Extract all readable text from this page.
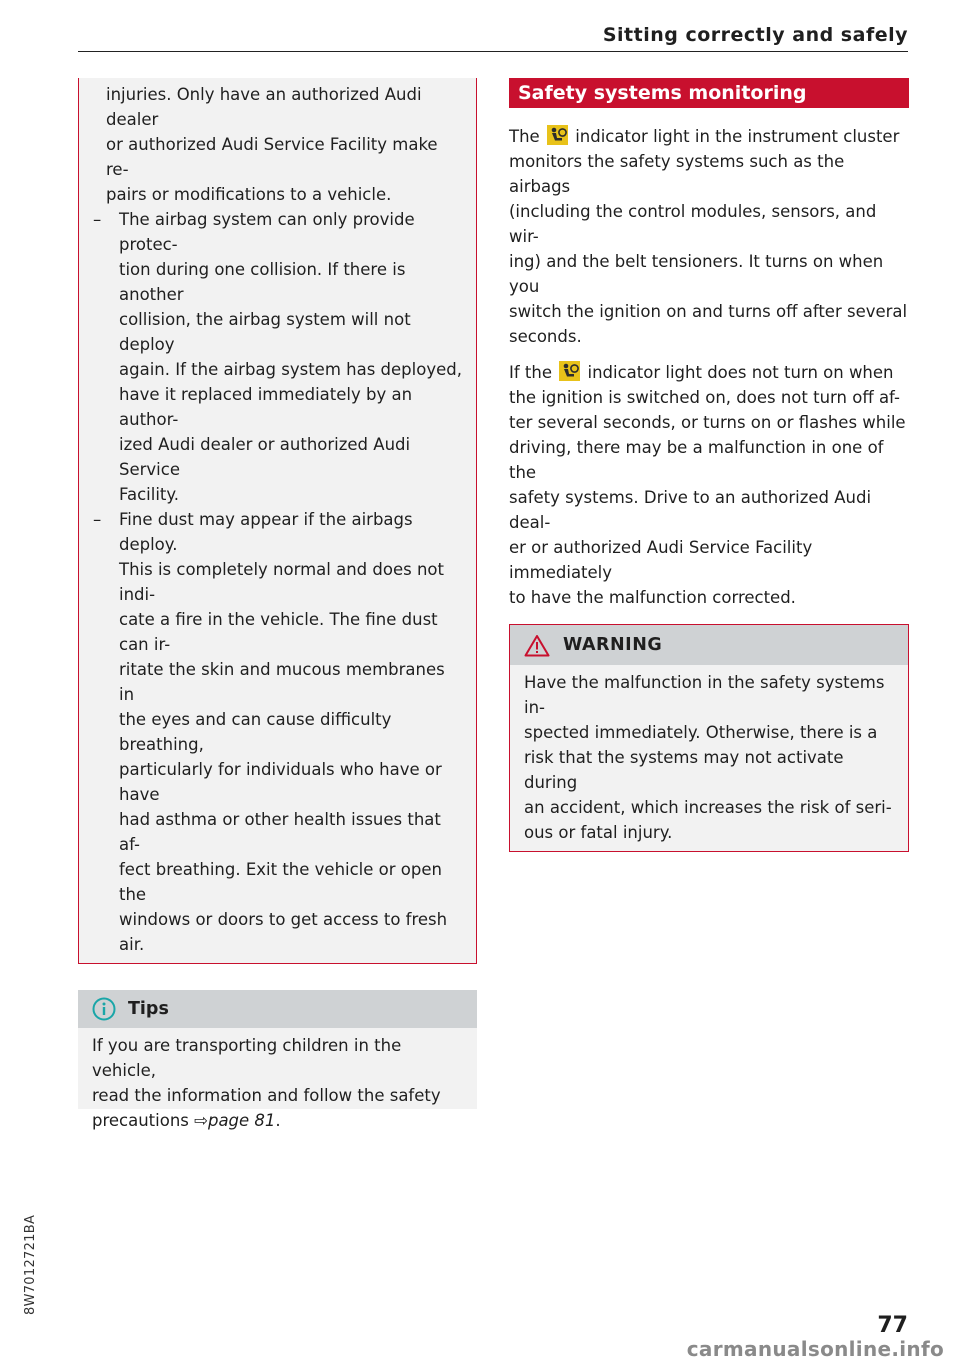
Sitting correctly and safely

injuries. Only have an authorized Audi dealer
or authorized Audi Service Facility make re-
pairs or modifications to a vehicle.

– The airbag system can only provide protec-
tion during one collision. If there is another
collision, the airbag system will not deploy
again. If the airbag system has deployed,
have it replaced immediately by an author-
ized Audi dealer or authorized Audi Service
Facility.
– Fine dust may appear if the airbags deploy.
This is completely normal and does not indi-
cate a fire in the vehicle. The fine dust can ir-
ritate the skin and mucous membranes in
the eyes and can cause difficulty breathing,
particularly for individuals who have or have
had asthma or other health issues that af-
fect breathing. Exit the vehicle or open the
windows or doors to get access to fresh air.
Tips
If you are transporting children in the vehicle,
read the information and follow the safety
precautions ⇨page 81.
Safety systems monitoring

The indicator light in the instrument cluster
monitors the safety systems such as the airbags
(including the control modules, sensors, and wir-
ing) and the belt tensioners. It turns on when you
switch the ignition on and turns off after several
seconds.

If the indicator light does not turn on when
the ignition is switched on, does not turn off af-
ter several seconds, or turns on or flashes while
driving, there may be a malfunction in one of the
safety systems. Drive to an authorized Audi deal-
er or authorized Audi Service Facility immediately
to have the malfunction corrected.

WARNING

Have the malfunction in the safety systems in-
spected immediately. Otherwise, there is a
risk that the systems may not activate during
an accident, which increases the risk of seri-
ous or fatal injury.

8W7012721BA
77
carmanualsonline.info
